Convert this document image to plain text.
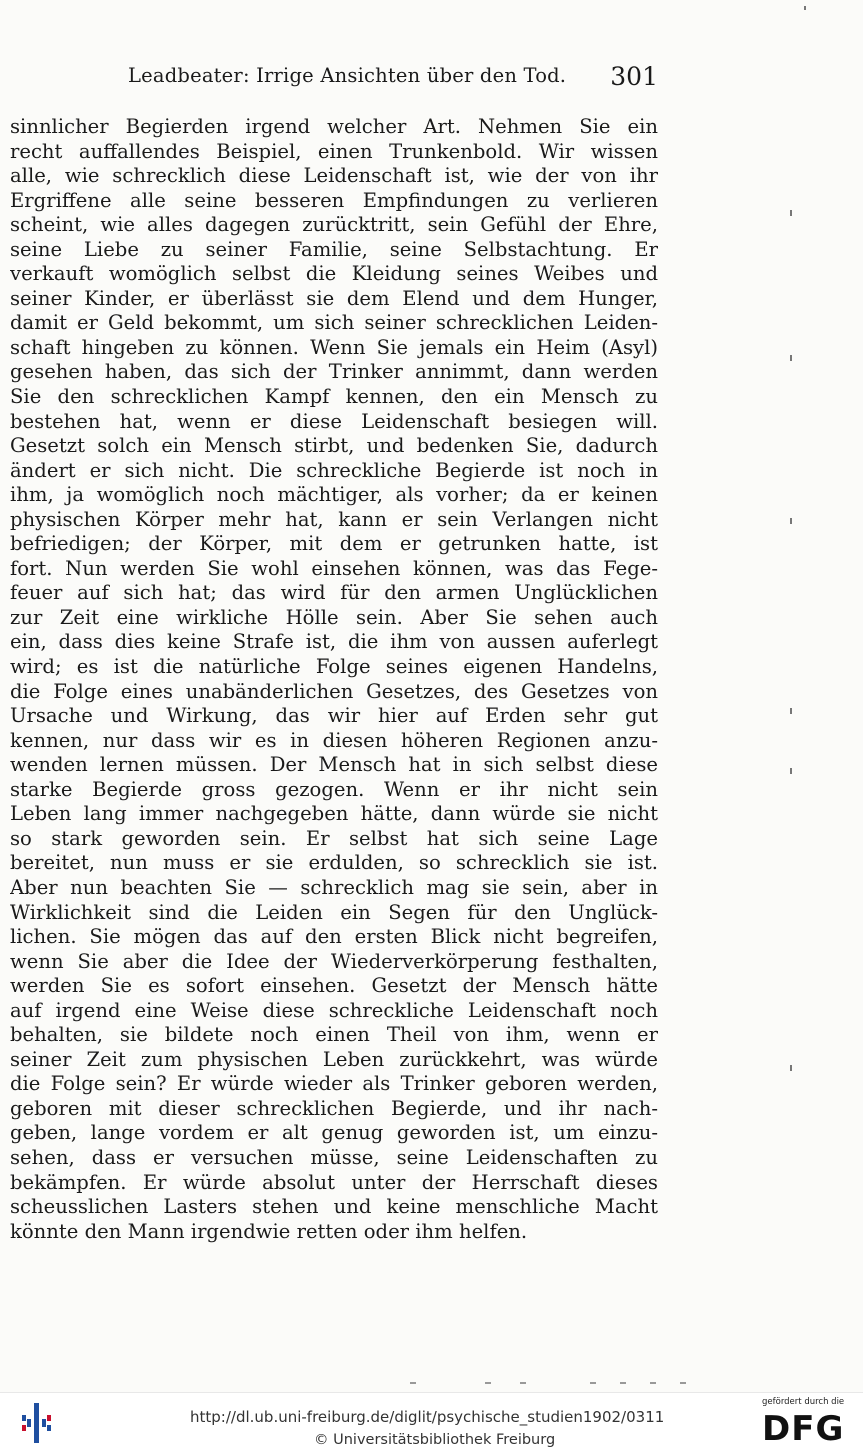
Leadbeater: Irrige Ansichten über den Tod. 301
sinnlicher Begierden irgend welcher Art. Nehmen Sie ein
recht auffallendes Beispiel, einen Trunkenbold. Wir wissen
alle, wie schrecklich diese Leidenschaft ist, wie der von ihr
Ergriffene alle seine besseren Empfindungen zu verlieren
scheint, wie alles dagegen zurücktritt, sein Gefühl der Ehre,
seine Liebe zu seiner Familie, seine Selbstachtung. Er
verkauft womöglich selbst die Kleidung seines Weibes und
seiner Kinder, er überlässt sie dem Elend und dem Hunger,
damit er Geld bekommt, um sich seiner schrecklichen Leiden-
schaft hingeben zu können. Wenn Sie jemals ein Heim (Asyl)
gesehen haben, das sich der Trinker annimmt, dann werden
Sie den schrecklichen Kampf kennen, den ein Mensch zu
bestehen hat, wenn er diese Leidenschaft besiegen will.
Gesetzt solch ein Mensch stirbt, und bedenken Sie, dadurch
ändert er sich nicht. Die schreckliche Begierde ist noch in
ihm, ja womöglich noch mächtiger, als vorher; da er keinen
physischen Körper mehr hat, kann er sein Verlangen nicht
befriedigen; der Körper, mit dem er getrunken hatte, ist
fort. Nun werden Sie wohl einsehen können, was das Fege-
feuer auf sich hat; das wird für den armen Unglücklichen
zur Zeit eine wirkliche Hölle sein. Aber Sie sehen auch
ein, dass dies keine Strafe ist, die ihm von aussen auferlegt
wird; es ist die natürliche Folge seines eigenen Handelns,
die Folge eines unabänderlichen Gesetzes, des Gesetzes von
Ursache und Wirkung, das wir hier auf Erden sehr gut
kennen, nur dass wir es in diesen höheren Regionen anzu-
wenden lernen müssen. Der Mensch hat in sich selbst diese
starke Begierde gross gezogen. Wenn er ihr nicht sein
Leben lang immer nachgegeben hätte, dann würde sie nicht
so stark geworden sein. Er selbst hat sich seine Lage
bereitet, nun muss er sie erdulden, so schrecklich sie ist.
Aber nun beachten Sie — schrecklich mag sie sein, aber in
Wirklichkeit sind die Leiden ein Segen für den Unglück-
lichen. Sie mögen das auf den ersten Blick nicht begreifen,
wenn Sie aber die Idee der Wiederverkörperung festhalten,
werden Sie es sofort einsehen. Gesetzt der Mensch hätte
auf irgend eine Weise diese schreckliche Leidenschaft noch
behalten, sie bildete noch einen Theil von ihm, wenn er
seiner Zeit zum physischen Leben zurückkehrt, was würde
die Folge sein? Er würde wieder als Trinker geboren werden,
geboren mit dieser schrecklichen Begierde, und ihr nach-
geben, lange vordem er alt genug geworden ist, um einzu-
sehen, dass er versuchen müsse, seine Leidenschaften zu
bekämpfen. Er würde absolut unter der Herrschaft dieses
scheusslichen Lasters stehen und keine menschliche Macht
könnte den Mann irgendwie retten oder ihm helfen.
http://dl.ub.uni-freiburg.de/diglit/psychische_studien1902/0311
© Universitätsbibliothek Freiburg
gefördert durch die
DFG
